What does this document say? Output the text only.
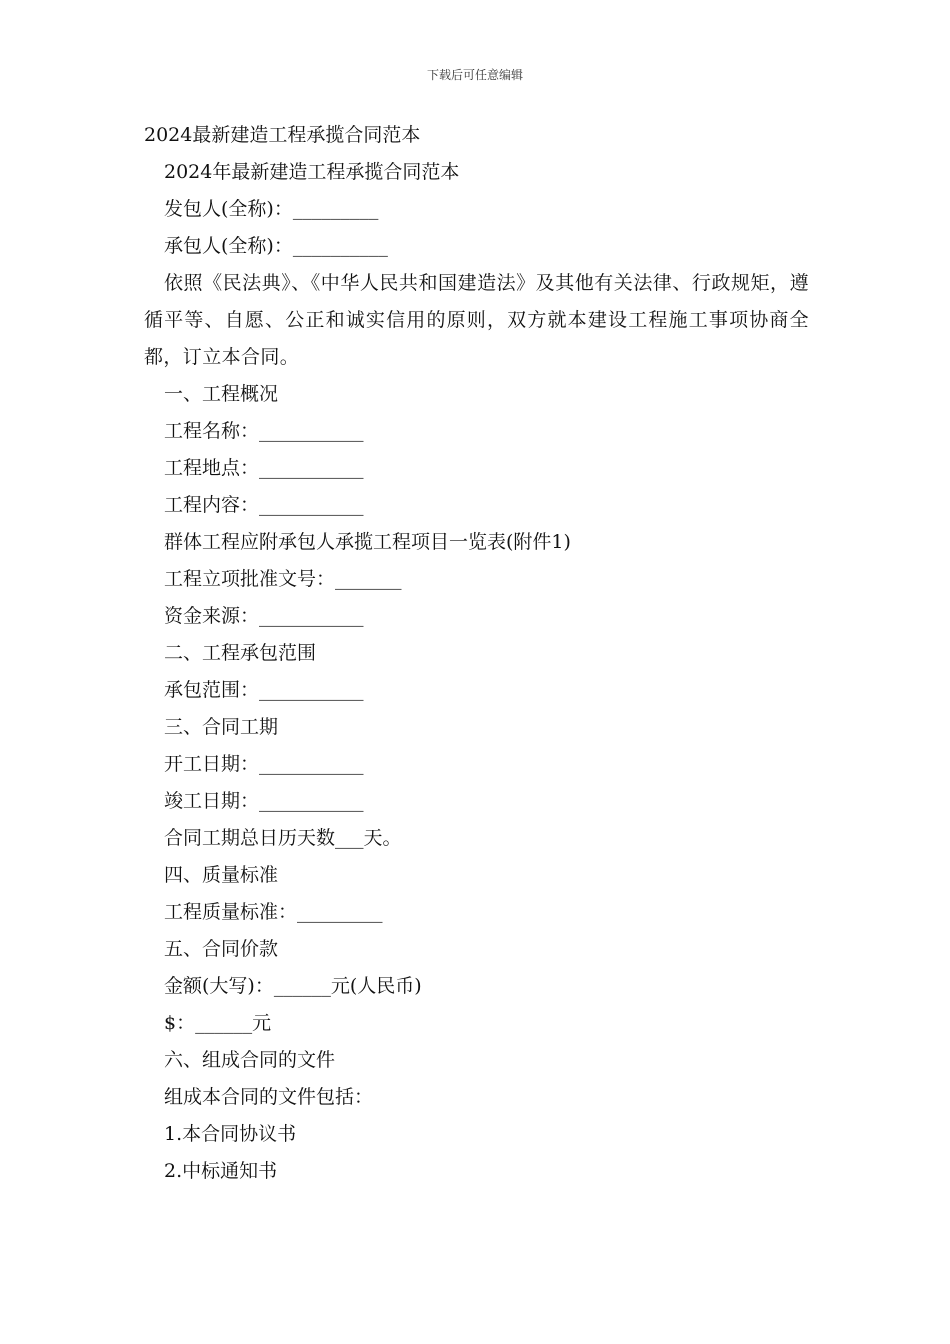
下载后可任意编辑
2024最新建造工程承揽合同范本
2024年最新建造工程承揽合同范本
发包人(全称)：_________
承包人(全称)：__________
依照《民法典》、《中华人民共和国建造法》及其他有关法律、行政规矩，遵循平等、自愿、公正和诚实信用的原则，双方就本建设工程施工事项协商全都，订立本合同。
一、工程概况
工程名称：___________
工程地点：___________
工程内容：___________
群体工程应附承包人承揽工程项目一览表(附件1)
工程立项批准文号：_______
资金来源：___________
二、工程承包范围
承包范围：___________
三、合同工期
开工日期：___________
竣工日期：___________
合同工期总日历天数___天。
四、质量标准
工程质量标准：_________
五、合同价款
金额(大写)：______元(人民币)
$：______元
六、组成合同的文件
组成本合同的文件包括：
1.本合同协议书
2.中标通知书
